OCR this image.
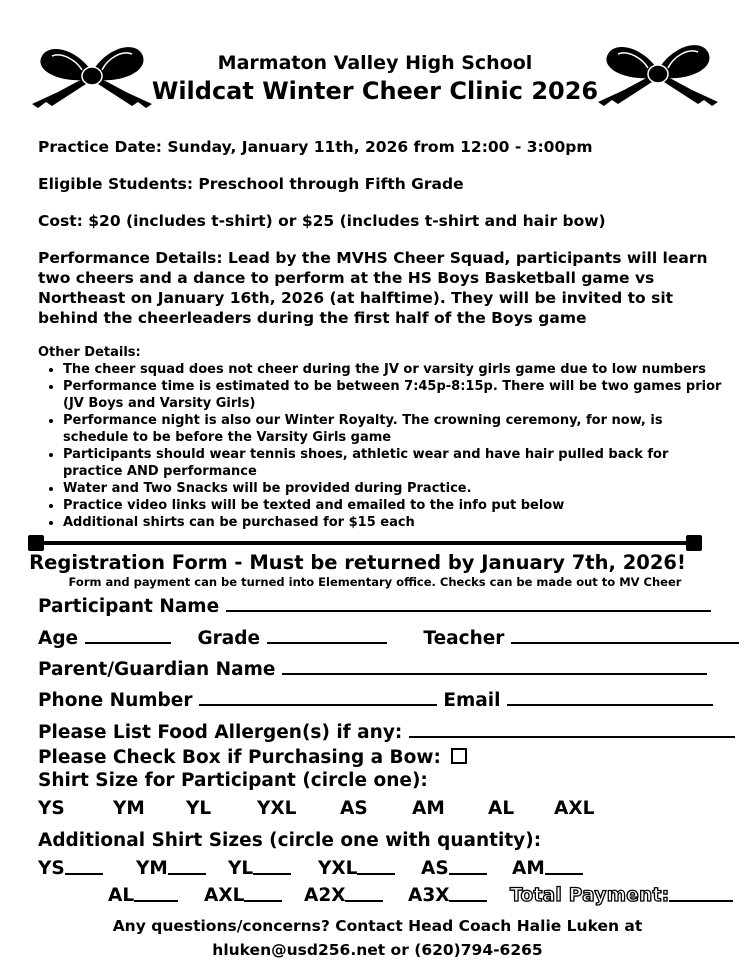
Marmaton Valley High School
Wildcat Winter Cheer Clinic 2026
Practice Date: Sunday, January 11th, 2026 from 12:00 - 3:00pm
Eligible Students: Preschool through Fifth Grade
Cost: $20 (includes t-shirt) or $25 (includes t-shirt and hair bow)
Performance Details: Lead by the MVHS Cheer Squad, participants will learn two cheers and a dance to perform at the HS Boys Basketball game vs Northeast on January 16th, 2026 (at halftime). They will be invited to sit behind the cheerleaders during the first half of the Boys game
Other Details:
• The cheer squad does not cheer during the JV or varsity girls game due to low numbers
• Performance time is estimated to be between 7:45p-8:15p. There will be two games prior (JV Boys and Varsity Girls)
• Performance night is also our Winter Royalty. The crowning ceremony, for now, is schedule to be before the Varsity Girls game
• Participants should wear tennis shoes, athletic wear and have hair pulled back for practice AND performance
• Water and Two Snacks will be provided during Practice.
• Practice video links will be texted and emailed to the info put below
• Additional shirts can be purchased for $15 each
Registration Form - Must be returned by January 7th, 2026!
Form and payment can be turned into Elementary office. Checks can be made out to MV Cheer
Participant Name
Age	Grade	Teacher
Parent/Guardian Name
Phone Number	Email
Please List Food Allergen(s) if any:
Please Check Box if Purchasing a Bow:
Shirt Size for Participant (circle one):
YS	YM YL YXL AS AM AL AXL
Additional Shirt Sizes (circle one with quantity):
YS	YM	YL	YXL	AS	AM
AL	AXL	A2X	A3X	Total Payment:
Any questions/concerns? Contact Head Coach Halie Luken at
hluken@usd256.net or (620)794-6265
